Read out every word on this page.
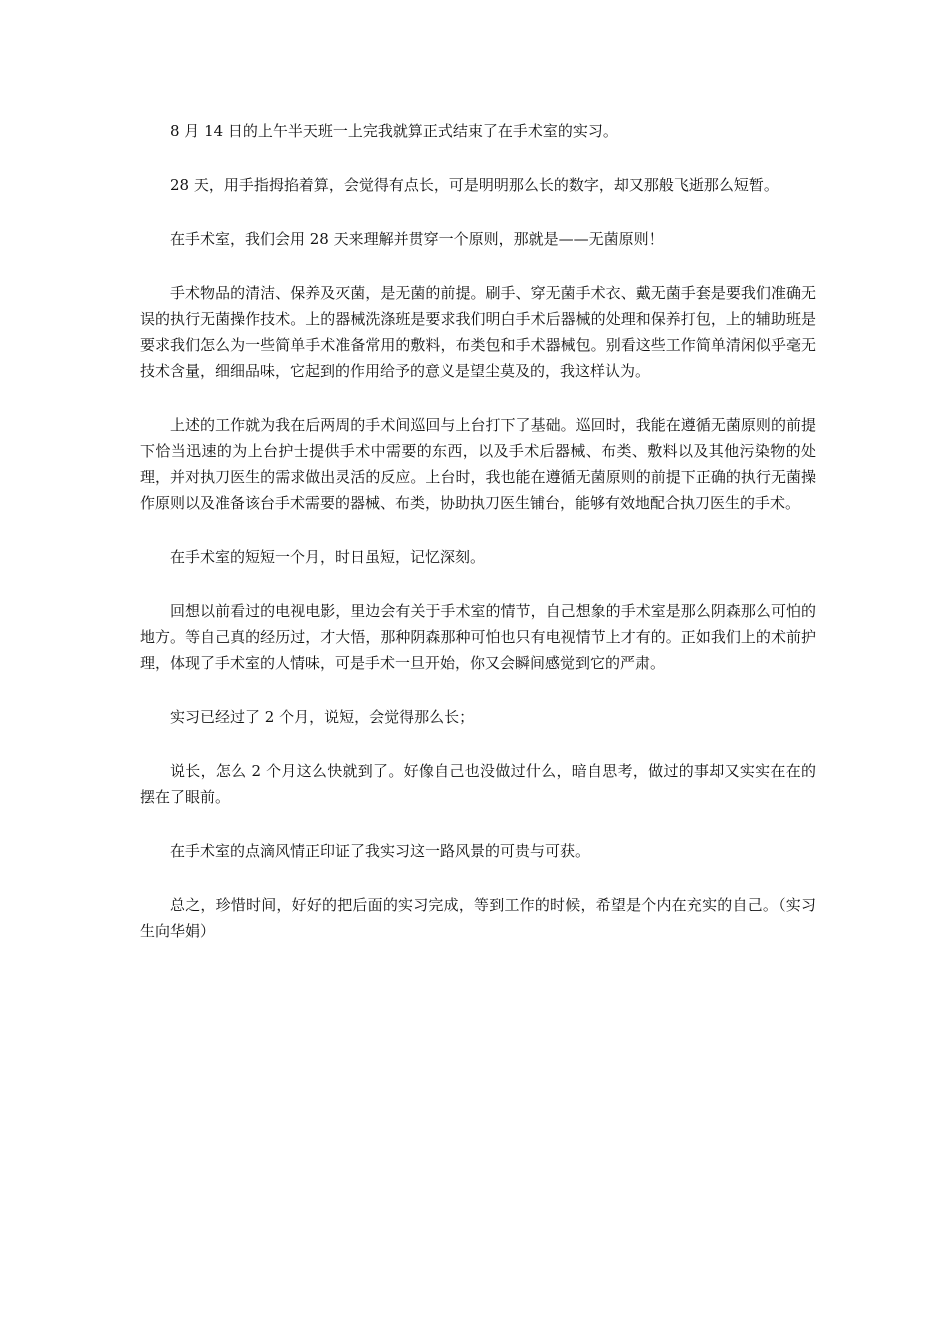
8 月 14 日的上午半天班一上完我就算正式结束了在手术室的实习。

28 天，用手指拇掐着算，会觉得有点长，可是明明那么长的数字，却又那般飞逝那么短暂。

在手术室，我们会用 28 天来理解并贯穿一个原则，那就是——无菌原则！

手术物品的清洁、保养及灭菌，是无菌的前提。刷手、穿无菌手术衣、戴无菌手套是要我们准确无误的执行无菌操作技术。上的器械洗涤班是要求我们明白手术后器械的处理和保养打包，上的辅助班是要求我们怎么为一些简单手术准备常用的敷料，布类包和手术器械包。别看这些工作简单清闲似乎毫无技术含量，细细品味，它起到的作用给予的意义是望尘莫及的，我这样认为。

上述的工作就为我在后两周的手术间巡回与上台打下了基础。巡回时，我能在遵循无菌原则的前提下恰当迅速的为上台护士提供手术中需要的东西，以及手术后器械、布类、敷料以及其他污染物的处理，并对执刀医生的需求做出灵活的反应。上台时，我也能在遵循无菌原则的前提下正确的执行无菌操作原则以及准备该台手术需要的器械、布类，协助执刀医生铺台，能够有效地配合执刀医生的手术。

在手术室的短短一个月，时日虽短，记忆深刻。

回想以前看过的电视电影，里边会有关于手术室的情节，自己想象的手术室是那么阴森那么可怕的地方。等自己真的经历过，才大悟，那种阴森那种可怕也只有电视情节上才有的。正如我们上的术前护理，体现了手术室的人情味，可是手术一旦开始，你又会瞬间感觉到它的严肃。

实习已经过了 2 个月，说短，会觉得那么长；

说长，怎么 2 个月这么快就到了。好像自己也没做过什么，暗自思考，做过的事却又实实在在的摆在了眼前。

在手术室的点滴风情正印证了我实习这一路风景的可贵与可获。

总之，珍惜时间，好好的把后面的实习完成，等到工作的时候，希望是个内在充实的自己。（实习生向华娟）
